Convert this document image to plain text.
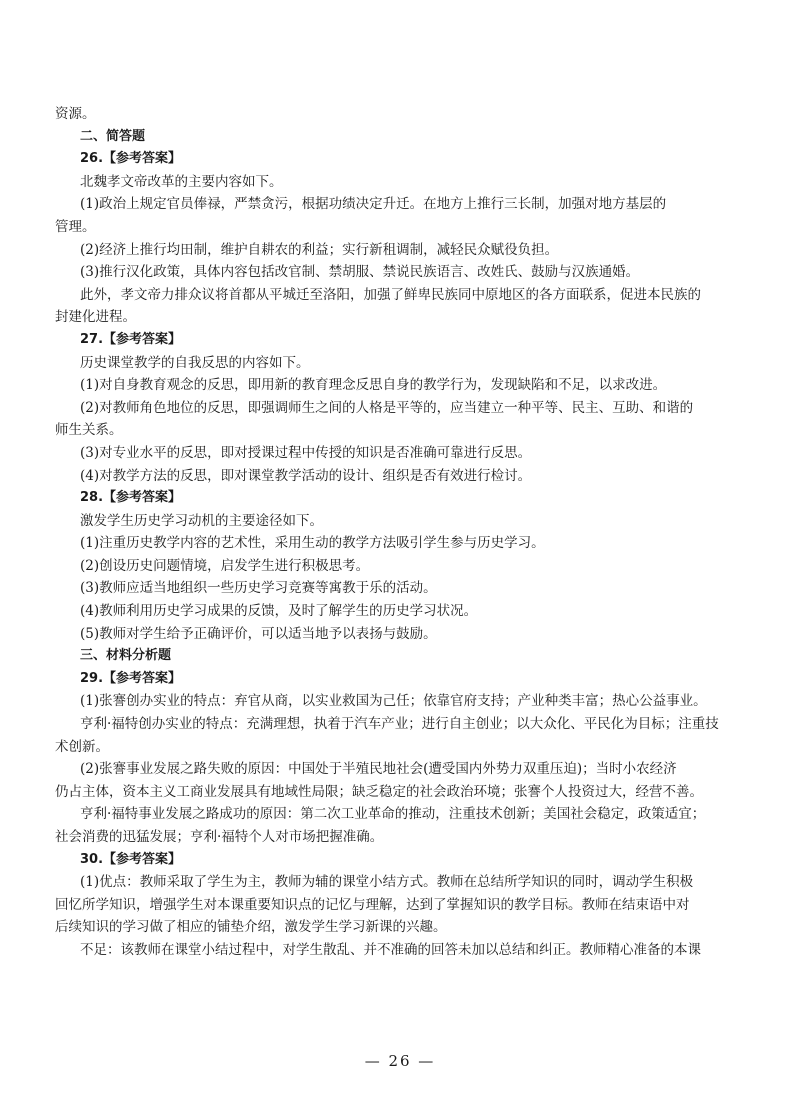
资源。
二、简答题
26.【参考答案】
北魏孝文帝改革的主要内容如下。
(1)政治上规定官员俸禄，严禁贪污，根据功绩决定升迁。在地方上推行三长制，加强对地方基层的
管理。
(2)经济上推行均田制，维护自耕农的利益；实行新租调制，减轻民众赋役负担。
(3)推行汉化政策，具体内容包括改官制、禁胡服、禁说民族语言、改姓氏、鼓励与汉族通婚。
此外，孝文帝力排众议将首都从平城迁至洛阳，加强了鲜卑民族同中原地区的各方面联系，促进本民族的
封建化进程。
27.【参考答案】
历史课堂教学的自我反思的内容如下。
(1)对自身教育观念的反思，即用新的教育理念反思自身的教学行为，发现缺陷和不足，以求改进。
(2)对教师角色地位的反思，即强调师生之间的人格是平等的，应当建立一种平等、民主、互助、和谐的
师生关系。
(3)对专业水平的反思，即对授课过程中传授的知识是否准确可靠进行反思。
(4)对教学方法的反思，即对课堂教学活动的设计、组织是否有效进行检讨。
28.【参考答案】
激发学生历史学习动机的主要途径如下。
(1)注重历史教学内容的艺术性，采用生动的教学方法吸引学生参与历史学习。
(2)创设历史问题情境，启发学生进行积极思考。
(3)教师应适当地组织一些历史学习竞赛等寓教于乐的活动。
(4)教师利用历史学习成果的反馈，及时了解学生的历史学习状况。
(5)教师对学生给予正确评价，可以适当地予以表扬与鼓励。
三、材料分析题
29.【参考答案】
(1)张謇创办实业的特点：弃官从商，以实业救国为己任；依靠官府支持；产业种类丰富；热心公益事业。
亨利·福特创办实业的特点：充满理想，执着于汽车产业；进行自主创业；以大众化、平民化为目标；注重技
术创新。
(2)张謇事业发展之路失败的原因：中国处于半殖民地社会(遭受国内外势力双重压迫)；当时小农经济
仍占主体，资本主义工商业发展具有地域性局限；缺乏稳定的社会政治环境；张謇个人投资过大，经营不善。
亨利·福特事业发展之路成功的原因：第二次工业革命的推动，注重技术创新；美国社会稳定，政策适宜；
社会消费的迅猛发展；亨利·福特个人对市场把握准确。
30.【参考答案】
(1)优点：教师采取了学生为主，教师为辅的课堂小结方式。教师在总结所学知识的同时，调动学生积极
回忆所学知识，增强学生对本课重要知识点的记忆与理解，达到了掌握知识的教学目标。教师在结束语中对
后续知识的学习做了相应的铺垫介绍，激发学生学习新课的兴趣。
不足：该教师在课堂小结过程中，对学生散乱、并不准确的回答未加以总结和纠正。教师精心准备的本课
— 26 —
